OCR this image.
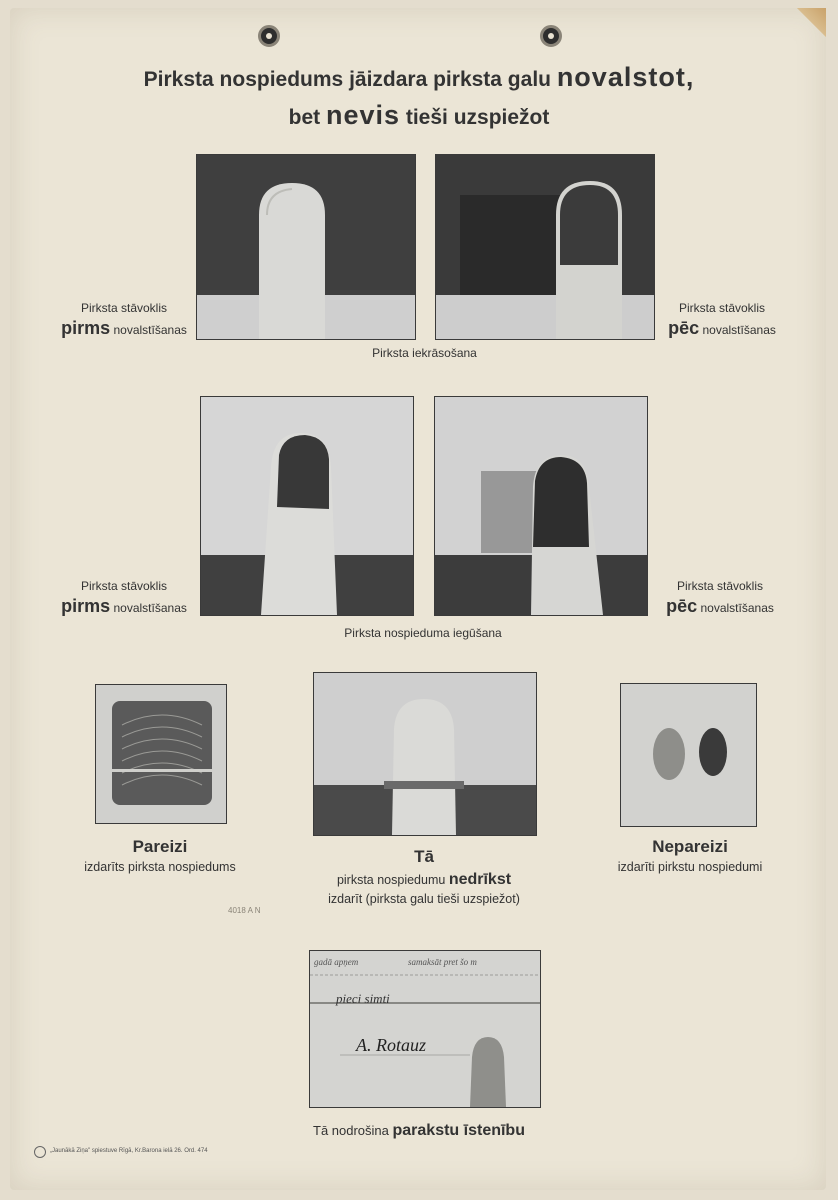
Pirksta nospiedums jāizdara pirksta galu novalstot,

bet nevis tieši uzspiežot

Pirksta stāvoklis
pirms novalstīšanas
Pirksta stāvoklis
pēc novalstīšanas
Pirksta iekrāsošana
Pirksta stāvoklis
pirms novalstīšanas
Pirksta stāvoklis
pēc novalstīšanas
Pirksta nospieduma iegūšana
Pareizi
izdarīts pirksta nospiedums
Tā
pirksta nospiedumu nedrīkst
izdarīt (pirksta galu tieši uzspiežot)
Nepareizi
izdarīti pirkstu nospiedumi
4018 A N
gadā apņem	samaksāt pret šo m
pieci simti
A. Rotauz
Tā nodrošina parakstu īstenību
„Jaunākā Ziņa" spiestuve Rīgā, Kr.Barona ielā 26. Ord. 474
